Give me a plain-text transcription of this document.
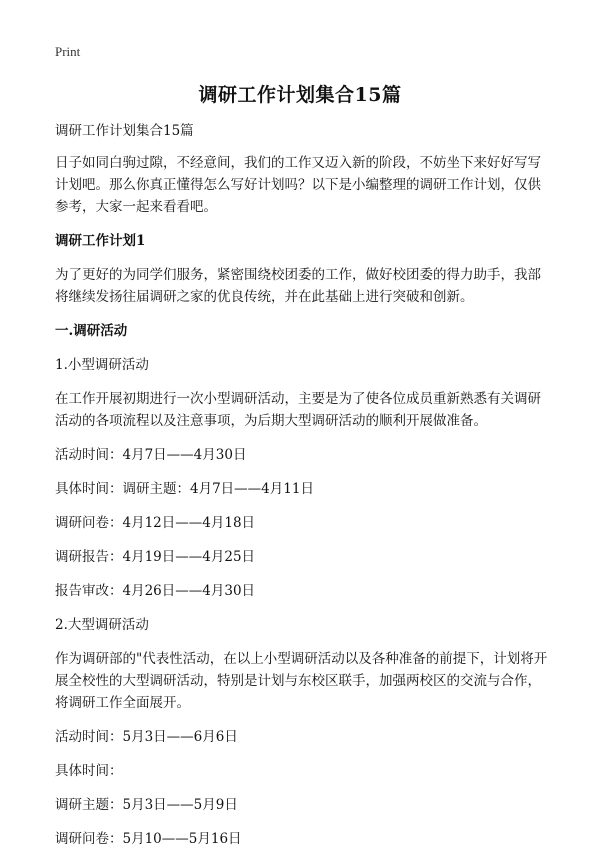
Print
调研工作计划集合15篇

调研工作计划集合15篇

日子如同白驹过隙，不经意间，我们的工作又迈入新的阶段，不妨坐下来好好写写计划吧。那么你真正懂得怎么写好计划吗？以下是小编整理的调研工作计划，仅供参考，大家一起来看看吧。

调研工作计划1

为了更好的为同学们服务，紧密围绕校团委的工作，做好校团委的得力助手，我部将继续发扬往届调研之家的优良传统，并在此基础上进行突破和创新。

一.调研活动

1.小型调研活动

在工作开展初期进行一次小型调研活动，主要是为了使各位成员重新熟悉有关调研活动的各项流程以及注意事项，为后期大型调研活动的顺利开展做准备。

活动时间：4月7日——4月30日

具体时间：调研主题：4月7日——4月11日

调研问卷：4月12日——4月18日

调研报告：4月19日——4月25日

报告审改：4月26日——4月30日

2.大型调研活动

作为调研部的"代表性活动，在以上小型调研活动以及各种准备的前提下，计划将开展全校性的大型调研活动，特别是计划与东校区联手，加强两校区的交流与合作，将调研工作全面展开。

活动时间：5月3日——6月6日

具体时间：

调研主题：5月3日——5月9日

调研问卷：5月10——5月16日
